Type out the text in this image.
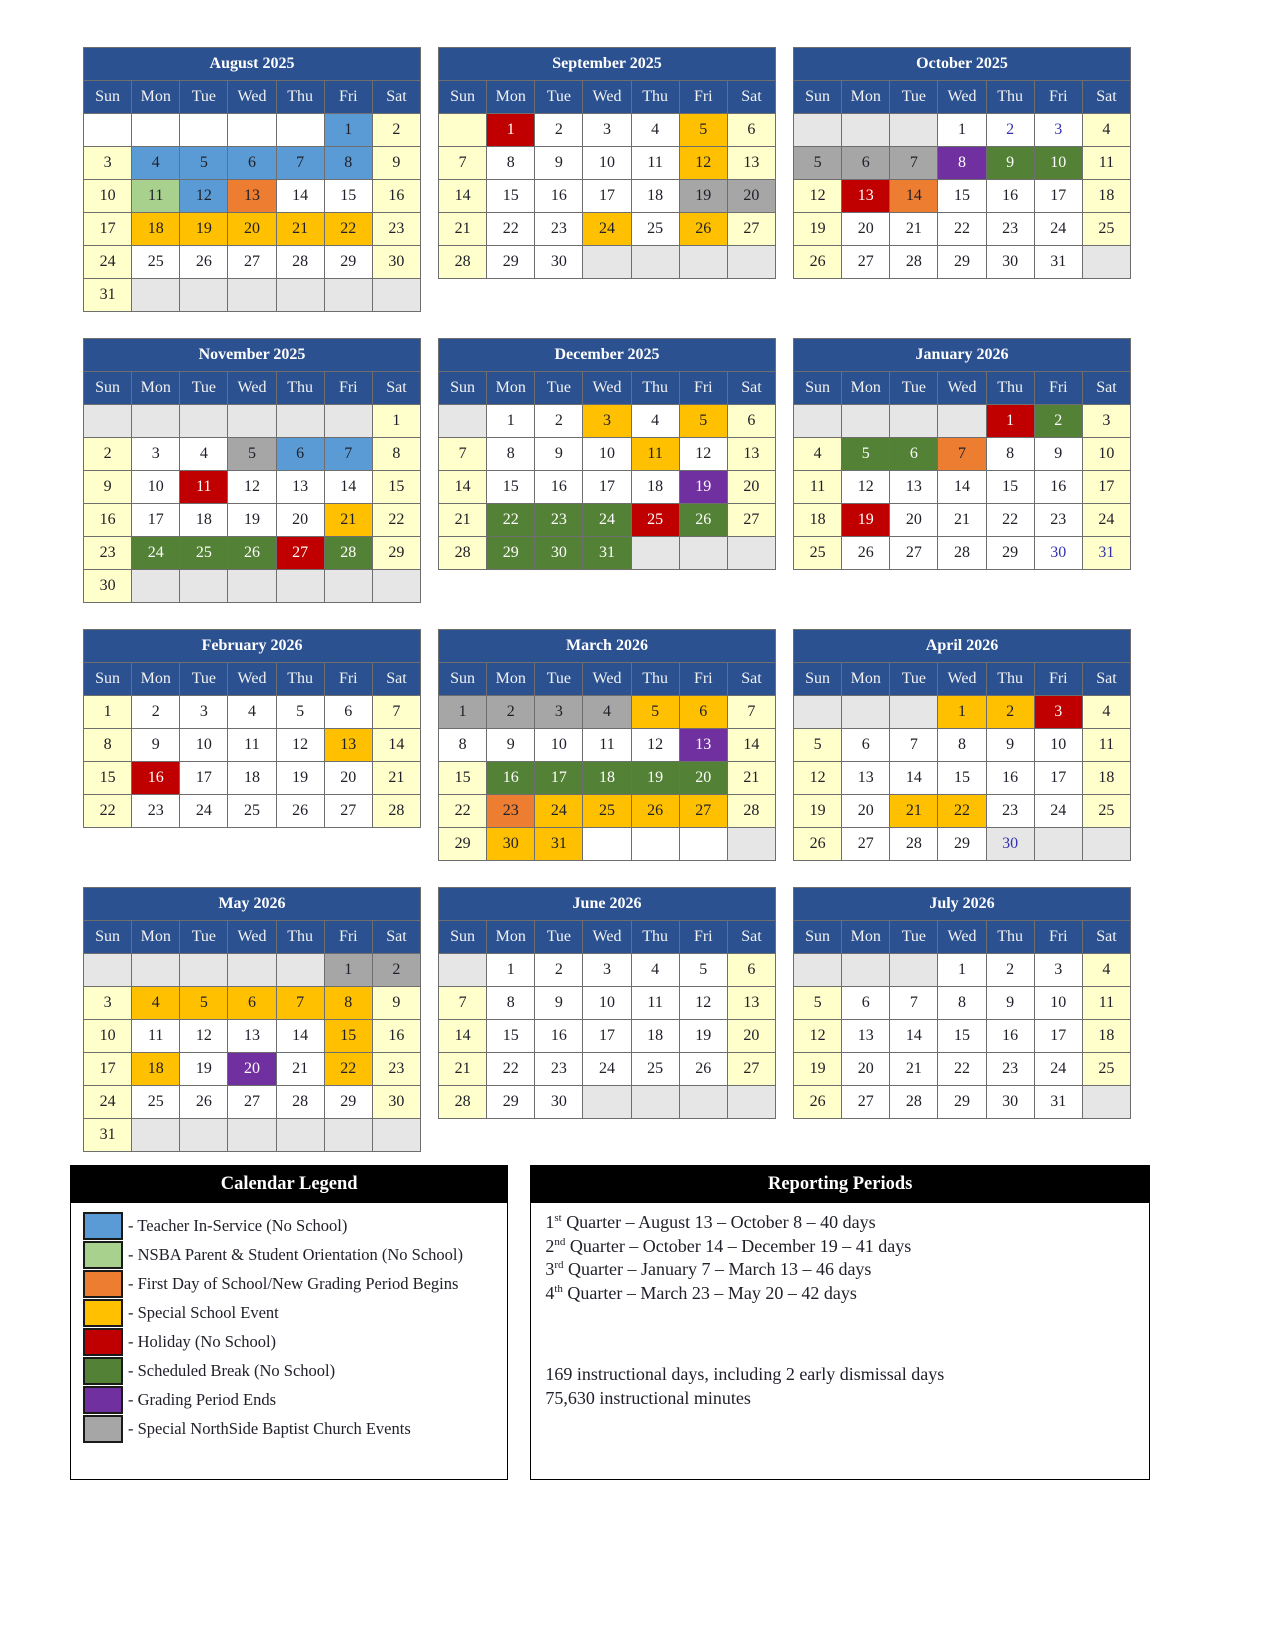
August 2025						
Sun	Mon	Tue	Wed	Thu	Fri	Sat
					1	2
3	4	5	6	7	8	9
10	11	12	13	14	15	16
17	18	19	20	21	22	23
24	25	26	27	28	29	30
31						
September 2025						
Sun	Mon	Tue	Wed	Thu	Fri	Sat
	1	2	3	4	5	6
7	8	9	10	11	12	13
14	15	16	17	18	19	20
21	22	23	24	25	26	27
28	29	30				
October 2025						
Sun	Mon	Tue	Wed	Thu	Fri	Sat
			1	2	3	4
5	6	7	8	9	10	11
12	13	14	15	16	17	18
19	20	21	22	23	24	25
26	27	28	29	30	31	
November 2025						
Sun	Mon	Tue	Wed	Thu	Fri	Sat
						1
2	3	4	5	6	7	8
9	10	11	12	13	14	15
16	17	18	19	20	21	22
23	24	25	26	27	28	29
30						
December 2025						
Sun	Mon	Tue	Wed	Thu	Fri	Sat
	1	2	3	4	5	6
7	8	9	10	11	12	13
14	15	16	17	18	19	20
21	22	23	24	25	26	27
28	29	30	31			
January 2026						
Sun	Mon	Tue	Wed	Thu	Fri	Sat
				1	2	3
4	5	6	7	8	9	10
11	12	13	14	15	16	17
18	19	20	21	22	23	24
25	26	27	28	29	30	31
February 2026						
Sun	Mon	Tue	Wed	Thu	Fri	Sat
1	2	3	4	5	6	7
8	9	10	11	12	13	14
15	16	17	18	19	20	21
22	23	24	25	26	27	28
March 2026						
Sun	Mon	Tue	Wed	Thu	Fri	Sat
1	2	3	4	5	6	7
8	9	10	11	12	13	14
15	16	17	18	19	20	21
22	23	24	25	26	27	28
29	30	31				
April 2026						
Sun	Mon	Tue	Wed	Thu	Fri	Sat
			1	2	3	4
5	6	7	8	9	10	11
12	13	14	15	16	17	18
19	20	21	22	23	24	25
26	27	28	29	30		
May 2026						
Sun	Mon	Tue	Wed	Thu	Fri	Sat
					1	2
3	4	5	6	7	8	9
10	11	12	13	14	15	16
17	18	19	20	21	22	23
24	25	26	27	28	29	30
31						
June 2026						
Sun	Mon	Tue	Wed	Thu	Fri	Sat
	1	2	3	4	5	6
7	8	9	10	11	12	13
14	15	16	17	18	19	20
21	22	23	24	25	26	27
28	29	30				
July 2026						
Sun	Mon	Tue	Wed	Thu	Fri	Sat
			1	2	3	4
5	6	7	8	9	10	11
12	13	14	15	16	17	18
19	20	21	22	23	24	25
26	27	28	29	30	31	
Calendar Legend
- Teacher In-Service (No School)
- NSBA Parent & Student Orientation (No School)
- First Day of School/New Grading Period Begins
- Special School Event
- Holiday (No School)
- Scheduled Break (No School)
- Grading Period Ends
- Special NorthSide Baptist Church Events
Reporting Periods
1st Quarter – August 13 – October 8 – 40 days
2nd Quarter – October 14 – December 19 – 41 days
3rd Quarter – January 7 – March 13 – 46 days
4th Quarter – March 23 – May 20 – 42 days
169 instructional days, including 2 early dismissal days
75,630 instructional minutes
